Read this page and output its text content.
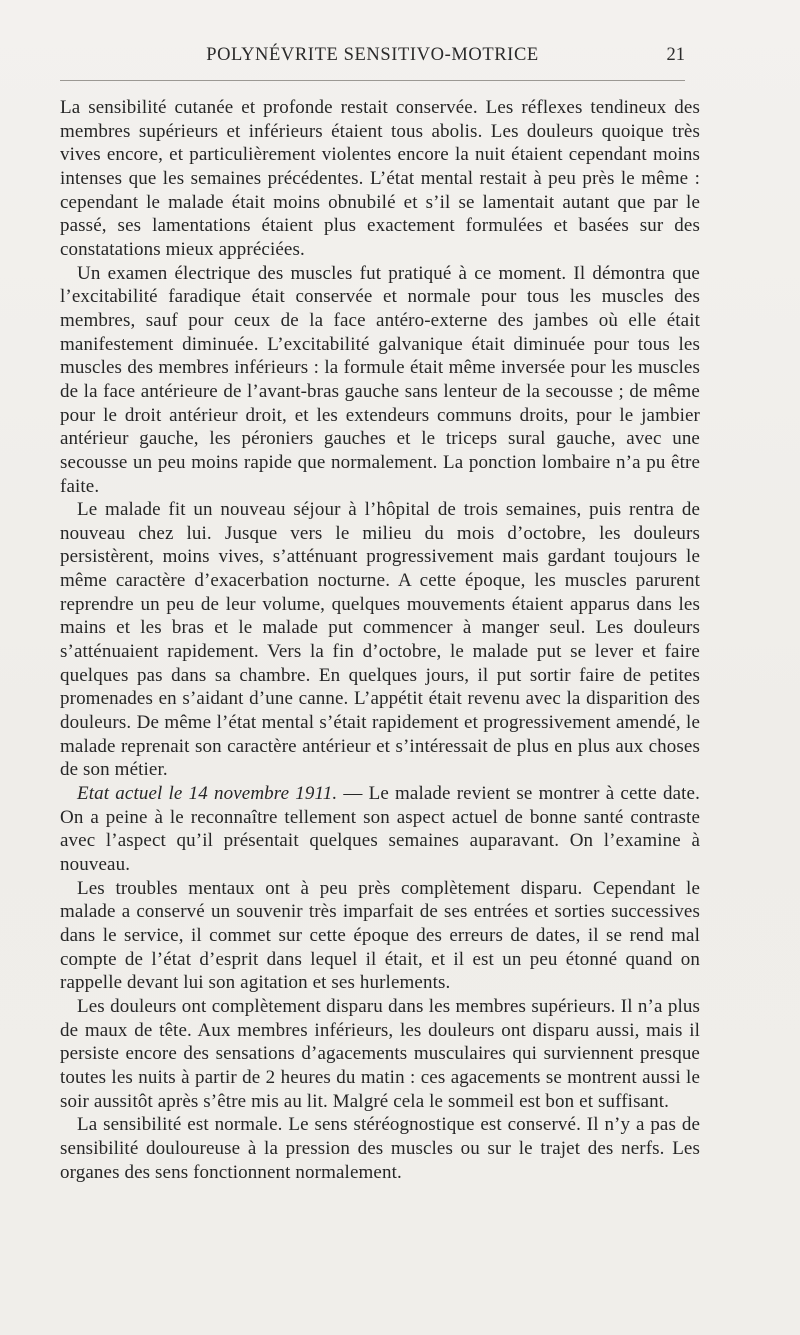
POLYNÉVRITE SENSITIVO-MOTRICE	21

La sensibilité cutanée et profonde restait conservée. Les réflexes tendineux des membres supérieurs et inférieurs étaient tous abolis. Les douleurs quoique très vives encore, et particulièrement violentes encore la nuit étaient cependant moins intenses que les semaines précédentes. L’état mental restait à peu près le même : cependant le malade était moins obnubilé et s’il se lamentait autant que par le passé, ses lamentations étaient plus exactement formulées et basées sur des constatations mieux appréciées.

Un examen électrique des muscles fut pratiqué à ce moment. Il démontra que l’excitabilité faradique était conservée et normale pour tous les muscles des membres, sauf pour ceux de la face antéro-externe des jambes où elle était manifestement diminuée. L’excitabilité galvanique était diminuée pour tous les muscles des membres inférieurs : la formule était même inversée pour les muscles de la face antérieure de l’avant-bras gauche sans lenteur de la secousse ; de même pour le droit antérieur droit, et les extendeurs communs droits, pour le jambier antérieur gauche, les péroniers gauches et le triceps sural gauche, avec une secousse un peu moins rapide que normalement. La ponction lombaire n’a pu être faite.

Le malade fit un nouveau séjour à l’hôpital de trois semaines, puis rentra de nouveau chez lui. Jusque vers le milieu du mois d’octobre, les douleurs persistèrent, moins vives, s’atténuant progressivement mais gardant toujours le même caractère d’exacerbation nocturne. A cette époque, les muscles parurent reprendre un peu de leur volume, quelques mouvements étaient apparus dans les mains et les bras et le malade put commencer à manger seul. Les douleurs s’atténuaient rapidement. Vers la fin d’octobre, le malade put se lever et faire quelques pas dans sa chambre. En quelques jours, il put sortir faire de petites promenades en s’aidant d’une canne. L’appétit était revenu avec la disparition des douleurs. De même l’état mental s’était rapidement et progressivement amendé, le malade reprenait son caractère antérieur et s’intéressait de plus en plus aux choses de son métier.

Etat actuel le 14 novembre 1911. — Le malade revient se montrer à cette date. On a peine à le reconnaître tellement son aspect actuel de bonne santé contraste avec l’aspect qu’il présentait quelques semaines auparavant. On l’examine à nouveau.

Les troubles mentaux ont à peu près complètement disparu. Cependant le malade a conservé un souvenir très imparfait de ses entrées et sorties successives dans le service, il commet sur cette époque des erreurs de dates, il se rend mal compte de l’état d’esprit dans lequel il était, et il est un peu étonné quand on rappelle devant lui son agitation et ses hurlements.

Les douleurs ont complètement disparu dans les membres supérieurs. Il n’a plus de maux de tête. Aux membres inférieurs, les douleurs ont disparu aussi, mais il persiste encore des sensations d’agacements musculaires qui surviennent presque toutes les nuits à partir de 2 heures du matin : ces agacements se montrent aussi le soir aussitôt après s’être mis au lit. Malgré cela le sommeil est bon et suffisant.

La sensibilité est normale. Le sens stéréognostique est conservé. Il n’y a pas de sensibilité douloureuse à la pression des muscles ou sur le trajet des nerfs. Les organes des sens fonctionnent normalement.
